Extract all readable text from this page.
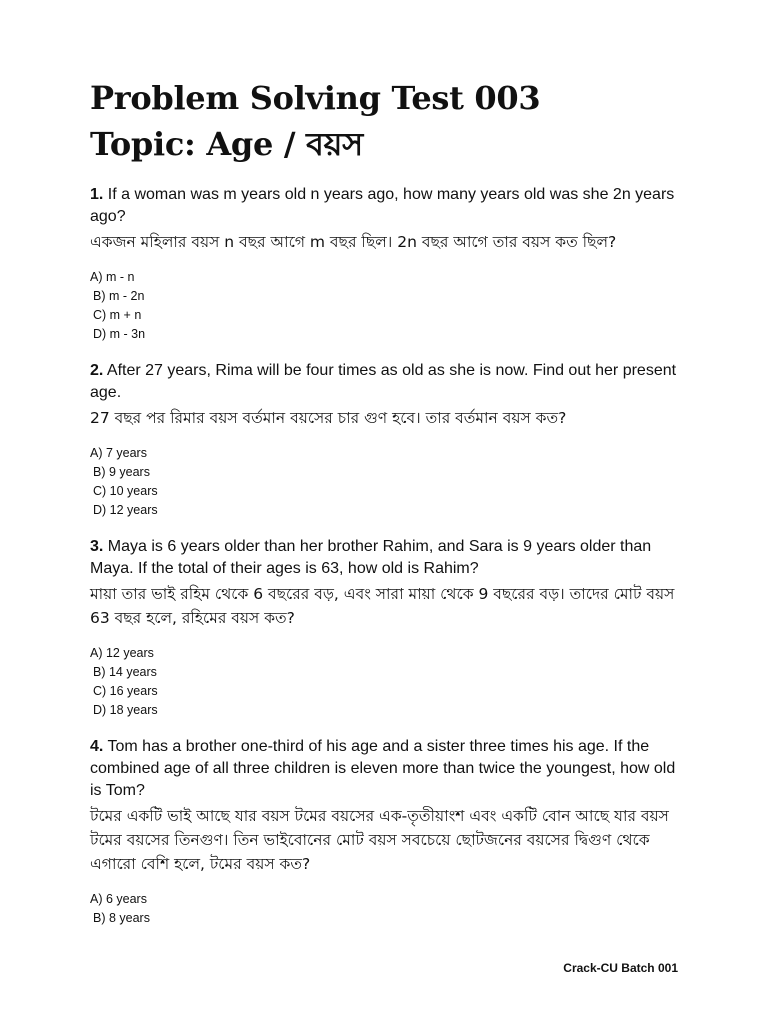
Problem Solving Test 003
Topic: Age / বয়স

1. If a woman was m years old n years ago, how many years old was she 2n years ago?

একজন মহিলার বয়স n বছর আগে m বছর ছিল। 2n বছর আগে তার বয়স কত ছিল?

A) m - n
B) m - 2n
C) m + n
D) m - 3n

2. After 27 years, Rima will be four times as old as she is now. Find out her present age.

27 বছর পর রিমার বয়স বর্তমান বয়সের চার গুণ হবে। তার বর্তমান বয়স কত?

A) 7 years
B) 9 years
C) 10 years
D) 12 years

3. Maya is 6 years older than her brother Rahim, and Sara is 9 years older than Maya. If the total of their ages is 63, how old is Rahim?

মায়া তার ভাই রহিম থেকে 6 বছরের বড়, এবং সারা মায়া থেকে 9 বছরের বড়। তাদের মোট বয়স 63 বছর হলে, রহিমের বয়স কত?

A) 12 years
B) 14 years
C) 16 years
D) 18 years

4. Tom has a brother one-third of his age and a sister three times his age. If the combined age of all three children is eleven more than twice the youngest, how old is Tom?

টমের একটি ভাই আছে যার বয়স টমের বয়সের এক-তৃতীয়াংশ এবং একটি বোন আছে যার বয়স টমের বয়সের তিনগুণ। তিন ভাইবোনের মোট বয়স সবচেয়ে ছোটজনের বয়সের দ্বিগুণ থেকে এগারো বেশি হলে, টমের বয়স কত?

A) 6 years
B) 8 years
Crack-CU Batch 001
